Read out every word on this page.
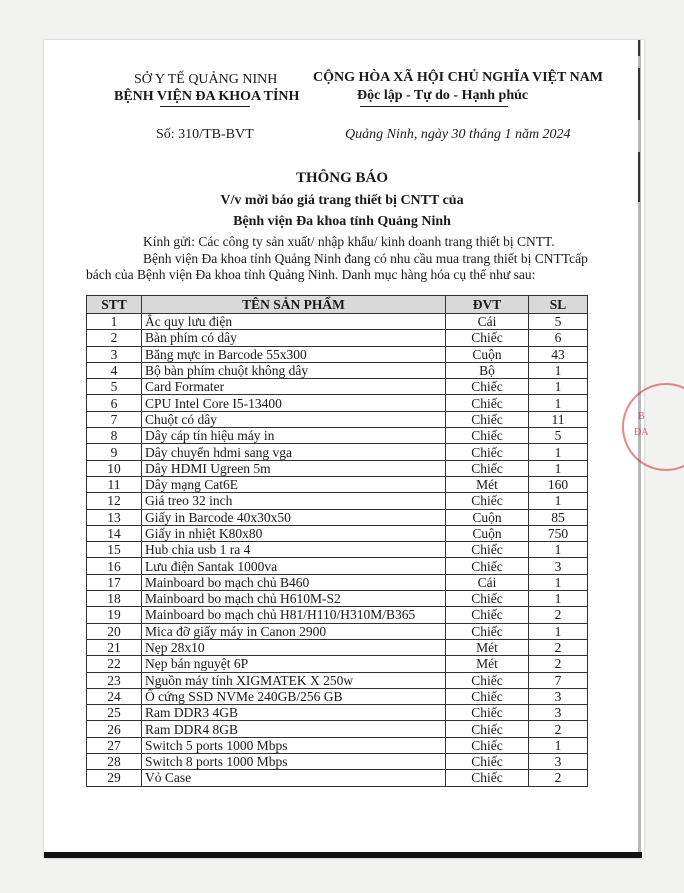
B
ĐA
SỞ Y TẾ QUẢNG NINH
BỆNH VIỆN ĐA KHOA TỈNH
CỘNG HÒA XÃ HỘI CHỦ NGHĨA VIỆT NAM
Độc lập - Tự do - Hạnh phúc
Số: 310/TB-BVT	Quảng Ninh, ngày 30 tháng 1 năm 2024
THÔNG BÁO
V/v mời báo giá trang thiết bị CNTT của
Bệnh viện Đa khoa tỉnh Quảng Ninh
Kính gửi: Các công ty sản xuất/ nhập khẩu/ kinh doanh trang thiết bị CNTT.
Bệnh viện Đa khoa tỉnh Quảng Ninh đang có nhu cầu mua trang thiết bị CNTTcấp
bách của Bệnh viện Đa khoa tỉnh Quảng Ninh. Danh mục hàng hóa cụ thể như sau:
STT	TÊN SẢN PHẨM	ĐVT	SL
1	Ắc quy lưu điện	Cái	5
2	Bàn phím có dây	Chiếc	6
3	Băng mực in Barcode 55x300	Cuộn	43
4	Bộ bàn phím chuột không dây	Bộ	1
5	Card Formater	Chiếc	1
6	CPU Intel Core I5-13400	Chiếc	1
7	Chuột có dây	Chiếc	11
8	Dây cáp tín hiệu máy in	Chiếc	5
9	Dây chuyển hdmi sang vga	Chiếc	1
10	Dây HDMI Ugreen 5m	Chiếc	1
11	Dây mạng Cat6E	Mét	160
12	Giá treo 32 inch	Chiếc	1
13	Giấy in Barcode 40x30x50	Cuộn	85
14	Giấy in nhiệt K80x80	Cuộn	750
15	Hub chia usb 1 ra 4	Chiếc	1
16	Lưu điện Santak 1000va	Chiếc	3
17	Mainboard bo mạch chủ B460	Cái	1
18	Mainboard bo mạch chủ H610M-S2	Chiếc	1
19	Mainboard bo mạch chủ H81/H110/H310M/B365	Chiếc	2
20	Mica đỡ giấy máy in Canon 2900	Chiếc	1
21	Nẹp 28x10	Mét	2
22	Nẹp bán nguyệt 6P	Mét	2
23	Nguồn máy tính XIGMATEK X 250w	Chiếc	7
24	Ổ cứng SSD NVMe 240GB/256 GB	Chiếc	3
25	Ram DDR3 4GB	Chiếc	3
26	Ram DDR4 8GB	Chiếc	2
27	Switch 5 ports 1000 Mbps	Chiếc	1
28	Switch 8 ports 1000 Mbps	Chiếc	3
29	Vỏ Case	Chiếc	2
